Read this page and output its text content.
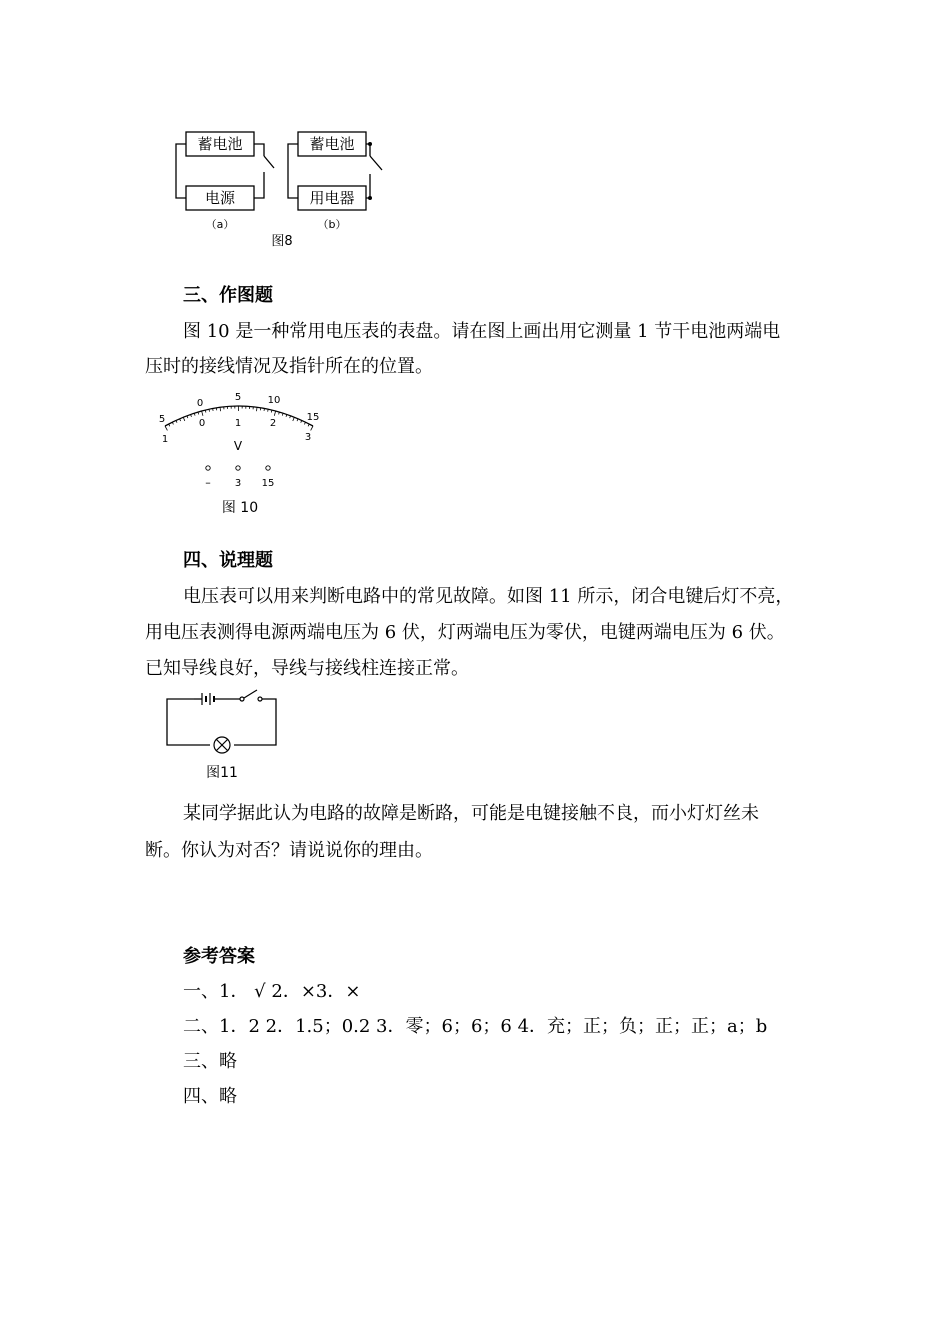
蓄电池
电源
（a）
蓄电池
用电器
（b）
图8
三、作图题
图 10 是一种常用电压表的表盘。请在图上画出用它测量 1 节干电池两端电
压时的接线情况及指针所在的位置。
5
0
5	10
15
1
0	1	2
3
V
– 3 15
图 10
四、说理题
电压表可以用来判断电路中的常见故障。如图 11 所示，闭合电键后灯不亮，
用电压表测得电源两端电压为 6 伏，灯两端电压为零伏，电键两端电压为 6 伏。
已知导线良好，导线与接线柱连接正常。
图11
某同学据此认为电路的故障是断路，可能是电键接触不良，而小灯灯丝未
断。你认为对否？请说说你的理由。
参考答案
一、1． √ 2．×3．×
二、1．2 2．1.5；0.2 3．零；6；6；6 4．充；正；负；正；正；a；b
三、略
四、略
